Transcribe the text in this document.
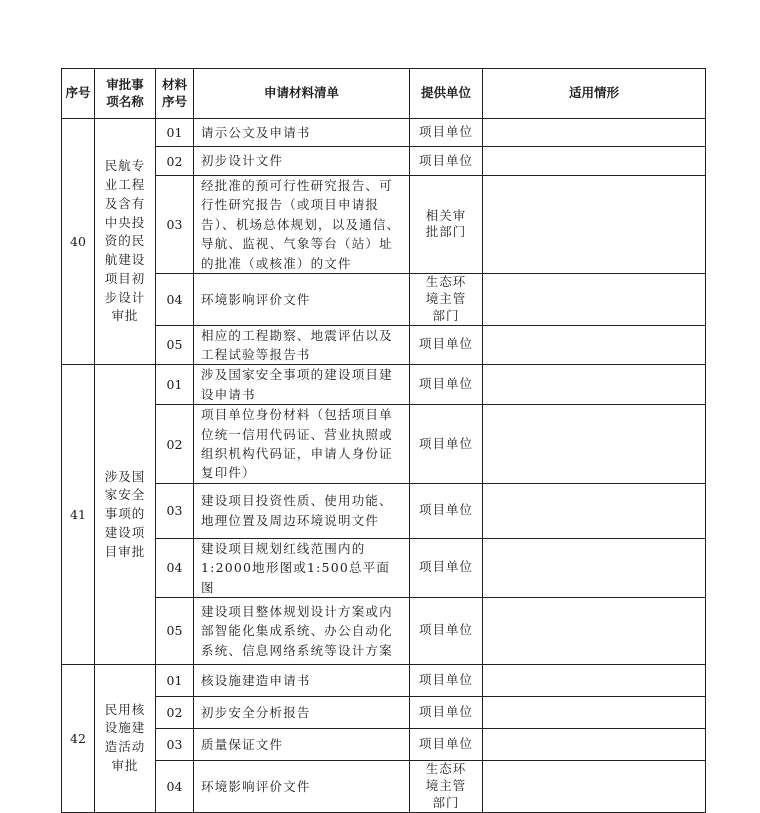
序号	审批事项名称	材料序号	申请材料清单	提供单位	适用情形
40	民航专业工程及含有中央投资的民航建设项目初步设计审批	01	请示公文及申请书	项目单位	
		02	初步设计文件	项目单位	
		03	经批准的预可行性研究报告、可行性研究报告（或项目申请报告）、机场总体规划，以及通信、导航、监视、气象等台（站）址的批准（或核准）的文件	相关审批部门	

		04	环境影响评价文件	生态环境主管部门	

		05	相应的工程勘察、地震评估以及工程试验等报告书	项目单位	
41	涉及国家安全事项的建设项目审批	01	涉及国家安全事项的建设项目建设申请书	项目单位	
		02	项目单位身份材料（包括项目单位统一信用代码证、营业执照或组织机构代码证，申请人身份证复印件）	项目单位	
		03	建设项目投资性质、使用功能、地理位置及周边环境说明文件	项目单位	
		04	建设项目规划红线范围内的1:2000地形图或1:500总平面图	项目单位	
		05	建设项目整体规划设计方案或内部智能化集成系统、办公自动化系统、信息网络系统等设计方案	项目单位	
42	民用核设施建造活动审批	01	核设施建造申请书	项目单位	
		02	初步安全分析报告	项目单位	
		03	质量保证文件	项目单位	
		04	环境影响评价文件	生态环境主管部门	
